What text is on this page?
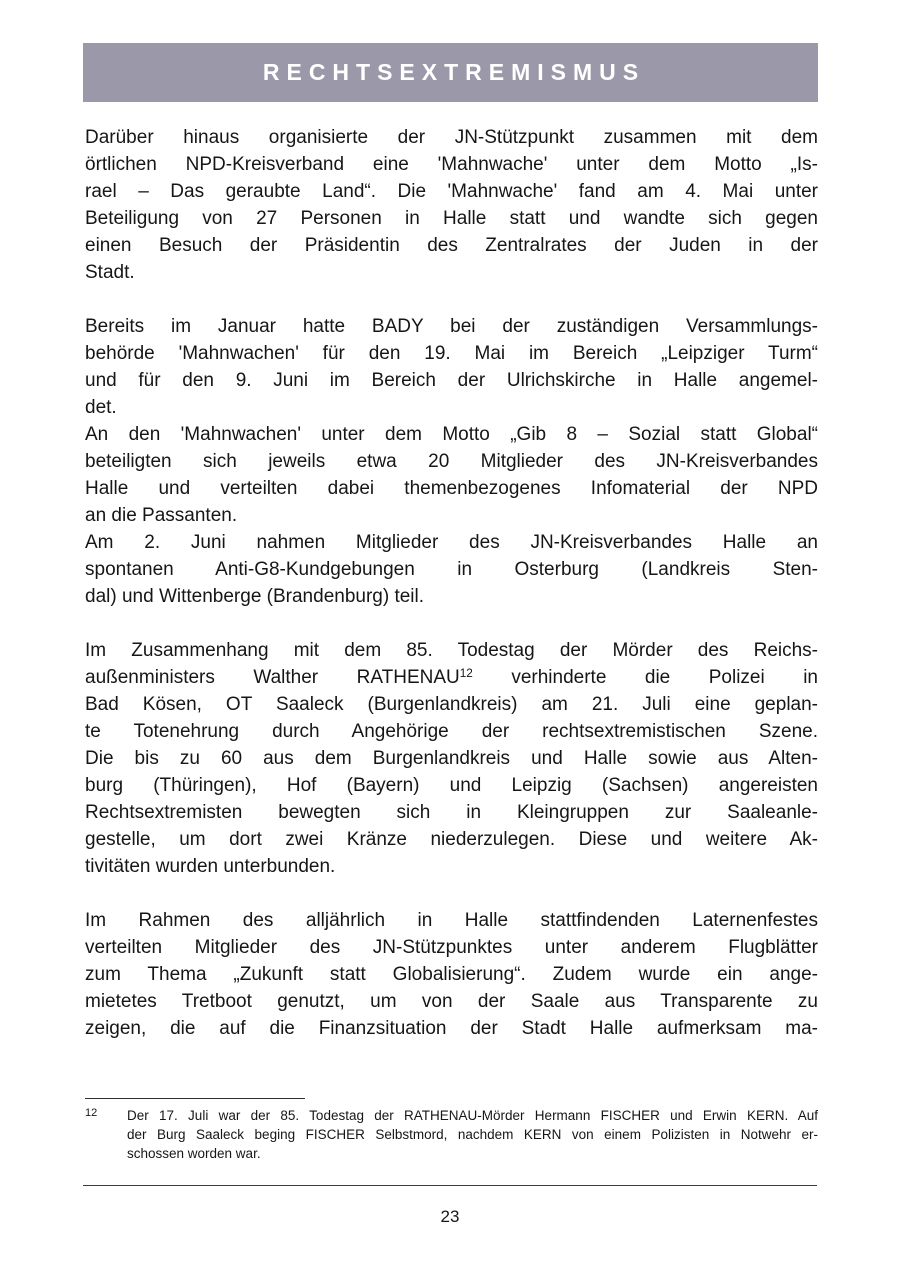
RECHTSEXTREMISMUS
Darüber hinaus organisierte der JN-Stützpunkt zusammen mit dem
örtlichen NPD-Kreisverband eine 'Mahnwache' unter dem Motto „Is-
rael – Das geraubte Land“. Die 'Mahnwache' fand am 4. Mai unter
Beteiligung von 27 Personen in Halle statt und wandte sich gegen
einen Besuch der Präsidentin des Zentralrates der Juden in der
Stadt.
Bereits im Januar hatte BADY bei der zuständigen Versammlungs-
behörde 'Mahnwachen' für den 19. Mai im Bereich „Leipziger Turm“
und für den 9. Juni im Bereich der Ulrichskirche in Halle angemel-
det.
An den 'Mahnwachen' unter dem Motto „Gib 8 – Sozial statt Global“
beteiligten sich jeweils etwa 20 Mitglieder des JN-Kreisverbandes
Halle und verteilten dabei themenbezogenes Infomaterial der NPD
an die Passanten.
Am 2. Juni nahmen Mitglieder des JN-Kreisverbandes Halle an
spontanen Anti-G8-Kundgebungen in Osterburg (Landkreis Sten-
dal) und Wittenberge (Brandenburg) teil.
Im Zusammenhang mit dem 85. Todestag der Mörder des Reichs-
außenministers Walther RATHENAU$^{12}$ verhinderte die Polizei in
Bad Kösen, OT Saaleck (Burgenlandkreis) am 21. Juli eine geplan-
te Totenehrung durch Angehörige der rechtsextremistischen Szene.
Die bis zu 60 aus dem Burgenlandkreis und Halle sowie aus Alten-
burg (Thüringen), Hof (Bayern) und Leipzig (Sachsen) angereisten
Rechtsextremisten bewegten sich in Kleingruppen zur Saaleanle-
gestelle, um dort zwei Kränze niederzulegen. Diese und weitere Ak-
tivitäten wurden unterbunden.
Im Rahmen des alljährlich in Halle stattfindenden Laternenfestes
verteilten Mitglieder des JN-Stützpunktes unter anderem Flugblätter
zum Thema „Zukunft statt Globalisierung“. Zudem wurde ein ange-
mietetes Tretboot genutzt, um von der Saale aus Transparente zu
zeigen, die auf die Finanzsituation der Stadt Halle aufmerksam ma-
12	Der 17. Juli war der 85. Todestag der RATHENAU-Mörder Hermann FISCHER und Erwin KERN. Auf
der Burg Saaleck beging FISCHER Selbstmord, nachdem KERN von einem Polizisten in Notwehr er-
schossen worden war.
23
